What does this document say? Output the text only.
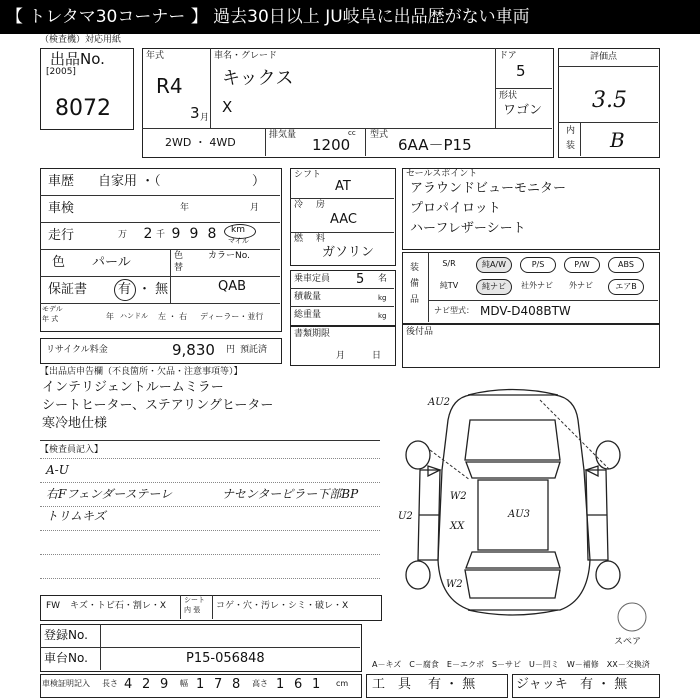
【 トレタマ30コーナー 】 過去30日以上 JU岐阜に出品歴がない車両
（検査機）対応用紙
出品No.
[2005]
8072
年式
R4
3 月
車名・グレード
キックス
X
ドア
5
形状
ワゴン
2WD ・ 4WD
排気量	cc
1200
型式
6AA－P15
評価点
3.5
内
装 B
車歴 自家用 ・（	）
車検	年	月
走行	万 2 千 9 9 8	km
マイル
色 パール	色
替
カラーNo.
QAB
保証書 有 ・ 無
モデル
年 式	年 ハンドル 左 ・ 右 ディーラー・並行
リサイクル料金	9,830 円 預託済
シフト
AT
冷 房
AAC
燃 料
ガソリン
乗車定員 5 名
積載量	kg
総重量	kg
書類期限
月	日
セールスポイント
アラウンドビューモニター
プロパイロット
ハーフレザーシート
装
備
品
S/R	純A/W	P/S	P/W	ABS
純TV	純ナビ	社外ナビ	外ナビ	エアB
ナビ型式： MDV-D408BTW
後付品
【出品店申告欄（不良箇所・欠品・注意事項等）】
インテリジェントルームミラー
シートヒーター、ステアリングヒーター
寒冷地仕様
【検査員記入】
A-U
右Fフェンダーステーレ
トリムキズ
ナセンターピラー下部BP
AU2
W2
AU3
XX
W2
U2
スペア
A－キズ　C－腐食　E－エクボ　S－サビ　U－凹ミ　W－補修　XX－交換済
FW キズ・トビ石・割レ・X
シート
内 張 コゲ・穴・汚レ・シミ・破レ・X
登録No.
車台No.	P15-056848
車検証明記入 長さ 4 2 9 幅 1 7 8 高さ 1 6 1 cm 工　具 有 ・ 無	ジャッキ 有 ・ 無
